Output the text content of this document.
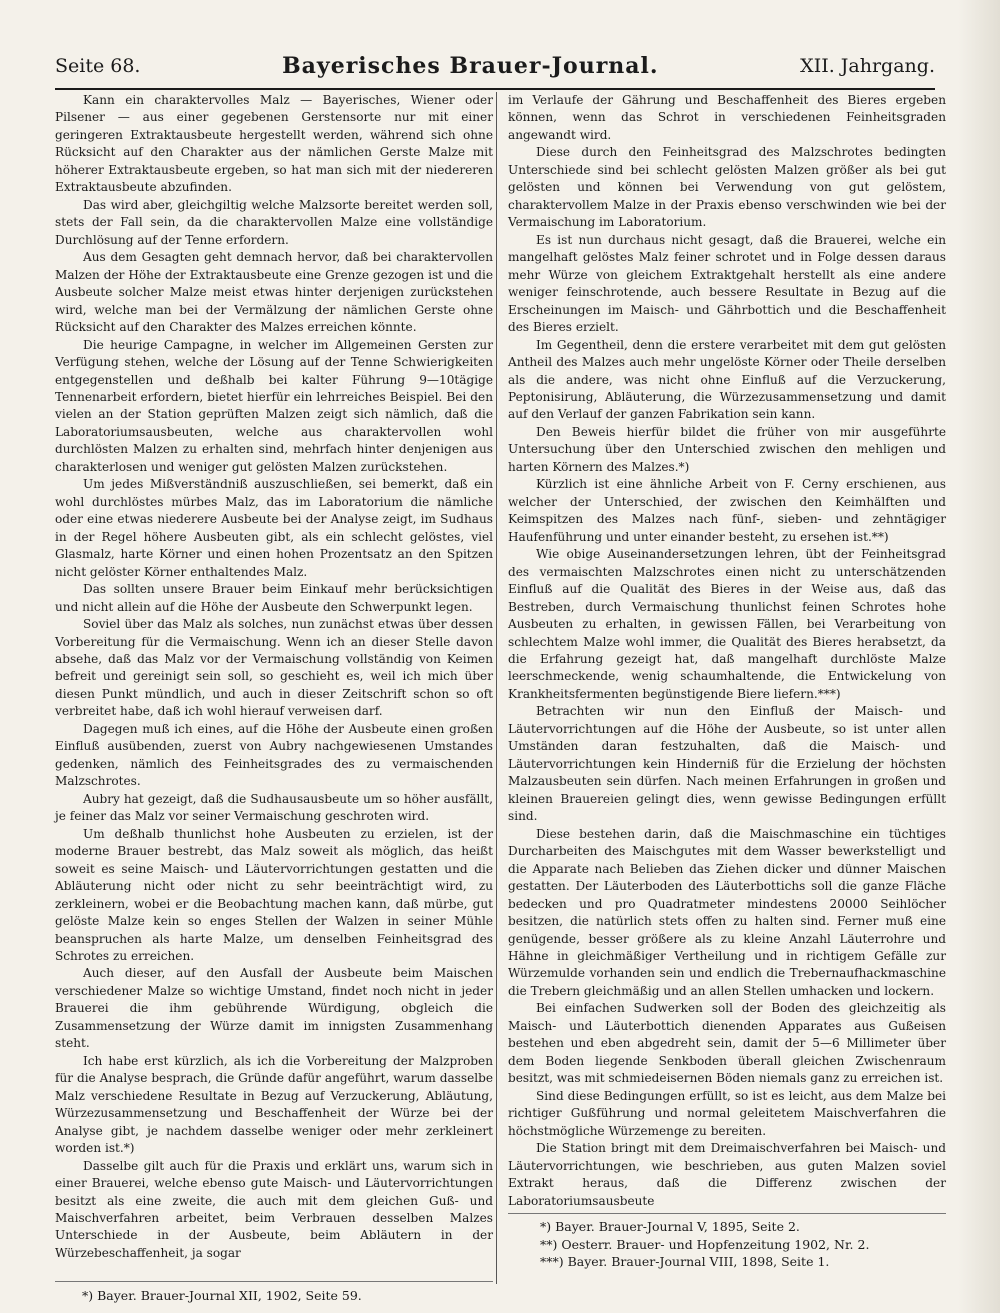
Seite 68.	Bayerisches Brauer-Journal.	XII. Jahrgang.

Kann ein charaktervolles Malz — Bayerisches, Wiener oder Pilsener — aus einer gegebenen Gerstensorte nur mit einer geringeren Extraktausbeute hergestellt werden, während sich ohne Rücksicht auf den Charakter aus der nämlichen Gerste Malze mit höherer Extraktausbeute ergeben, so hat man sich mit der niedereren Extraktausbeute abzufinden.

Das wird aber, gleichgiltig welche Malzsorte bereitet werden soll, stets der Fall sein, da die charaktervollen Malze eine vollständige Durchlösung auf der Tenne erfordern.

Aus dem Gesagten geht demnach hervor, daß bei charaktervollen Malzen der Höhe der Extraktausbeute eine Grenze gezogen ist und die Ausbeute solcher Malze meist etwas hinter derjenigen zurückstehen wird, welche man bei der Vermälzung der nämlichen Gerste ohne Rücksicht auf den Charakter des Malzes erreichen könnte.

Die heurige Campagne, in welcher im Allgemeinen Gersten zur Verfügung stehen, welche der Lösung auf der Tenne Schwierigkeiten entgegenstellen und deßhalb bei kalter Führung 9—10tägige Tennenarbeit erfordern, bietet hierfür ein lehrreiches Beispiel. Bei den vielen an der Station geprüften Malzen zeigt sich nämlich, daß die Laboratoriumsausbeuten, welche aus charaktervollen wohl durchlösten Malzen zu erhalten sind, mehrfach hinter denjenigen aus charakterlosen und weniger gut gelösten Malzen zurückstehen.

Um jedes Mißverständniß auszuschließen, sei bemerkt, daß ein wohl durchlöstes mürbes Malz, das im Laboratorium die nämliche oder eine etwas niederere Ausbeute bei der Analyse zeigt, im Sudhaus in der Regel höhere Ausbeuten gibt, als ein schlecht gelöstes, viel Glasmalz, harte Körner und einen hohen Prozentsatz an den Spitzen nicht gelöster Körner enthaltendes Malz.

Das sollten unsere Brauer beim Einkauf mehr berücksichtigen und nicht allein auf die Höhe der Ausbeute den Schwerpunkt legen.

Soviel über das Malz als solches, nun zunächst etwas über dessen Vorbereitung für die Vermaischung. Wenn ich an dieser Stelle davon absehe, daß das Malz vor der Vermaischung vollständig von Keimen befreit und gereinigt sein soll, so geschieht es, weil ich mich über diesen Punkt mündlich, und auch in dieser Zeitschrift schon so oft verbreitet habe, daß ich wohl hierauf verweisen darf.

Dagegen muß ich eines, auf die Höhe der Ausbeute einen großen Einfluß ausübenden, zuerst von Aubry nachgewiesenen Umstandes gedenken, nämlich des Feinheitsgrades des zu vermaischenden Malzschrotes.

Aubry hat gezeigt, daß die Sudhausausbeute um so höher ausfällt, je feiner das Malz vor seiner Vermaischung geschroten wird.

Um deßhalb thunlichst hohe Ausbeuten zu erzielen, ist der moderne Brauer bestrebt, das Malz soweit als möglich, das heißt soweit es seine Maisch- und Läutervorrichtungen gestatten und die Abläuterung nicht oder nicht zu sehr beeinträchtigt wird, zu zerkleinern, wobei er die Beobachtung machen kann, daß mürbe, gut gelöste Malze kein so enges Stellen der Walzen in seiner Mühle beanspruchen als harte Malze, um denselben Feinheitsgrad des Schrotes zu erreichen.

Auch dieser, auf den Ausfall der Ausbeute beim Maischen verschiedener Malze so wichtige Umstand, findet noch nicht in jeder Brauerei die ihm gebührende Würdigung, obgleich die Zusammensetzung der Würze damit im innigsten Zusammenhang steht.

Ich habe erst kürzlich, als ich die Vorbereitung der Malzproben für die Analyse besprach, die Gründe dafür angeführt, warum dasselbe Malz verschiedene Resultate in Bezug auf Verzuckerung, Abläutung, Würzezusammensetzung und Beschaffenheit der Würze bei der Analyse gibt, je nachdem dasselbe weniger oder mehr zerkleinert worden ist.*)

Dasselbe gilt auch für die Praxis und erklärt uns, warum sich in einer Brauerei, welche ebenso gute Maisch- und Läutervorrichtungen besitzt als eine zweite, die auch mit dem gleichen Guß- und Maischverfahren arbeitet, beim Verbrauen desselben Malzes Unterschiede in der Ausbeute, beim Abläutern in der Würzebeschaffenheit, ja sogar

im Verlaufe der Gährung und Beschaffenheit des Bieres ergeben können, wenn das Schrot in verschiedenen Feinheitsgraden angewandt wird.

Diese durch den Feinheitsgrad des Malzschrotes bedingten Unterschiede sind bei schlecht gelösten Malzen größer als bei gut gelösten und können bei Verwendung von gut gelöstem, charaktervollem Malze in der Praxis ebenso verschwinden wie bei der Vermaischung im Laboratorium.

Es ist nun durchaus nicht gesagt, daß die Brauerei, welche ein mangelhaft gelöstes Malz feiner schrotet und in Folge dessen daraus mehr Würze von gleichem Extraktgehalt herstellt als eine andere weniger feinschrotende, auch bessere Resultate in Bezug auf die Erscheinungen im Maisch- und Gährbottich und die Beschaffenheit des Bieres erzielt.

Im Gegentheil, denn die erstere verarbeitet mit dem gut gelösten Antheil des Malzes auch mehr ungelöste Körner oder Theile derselben als die andere, was nicht ohne Einfluß auf die Verzuckerung, Peptonisirung, Abläuterung, die Würzezusammensetzung und damit auf den Verlauf der ganzen Fabrikation sein kann.

Den Beweis hierfür bildet die früher von mir ausgeführte Untersuchung über den Unterschied zwischen den mehligen und harten Körnern des Malzes.*)

Kürzlich ist eine ähnliche Arbeit von F. Cerny erschienen, aus welcher der Unterschied, der zwischen den Keimhälften und Keimspitzen des Malzes nach fünf-, sieben- und zehntägiger Haufenführung und unter einander besteht, zu ersehen ist.**)

Wie obige Auseinandersetzungen lehren, übt der Feinheitsgrad des vermaischten Malzschrotes einen nicht zu unterschätzenden Einfluß auf die Qualität des Bieres in der Weise aus, daß das Bestreben, durch Vermaischung thunlichst feinen Schrotes hohe Ausbeuten zu erhalten, in gewissen Fällen, bei Verarbeitung von schlechtem Malze wohl immer, die Qualität des Bieres herabsetzt, da die Erfahrung gezeigt hat, daß mangelhaft durchlöste Malze leerschmeckende, wenig schaumhaltende, die Entwickelung von Krankheitsfermenten begünstigende Biere liefern.***)

Betrachten wir nun den Einfluß der Maisch- und Läutervorrichtungen auf die Höhe der Ausbeute, so ist unter allen Umständen daran festzuhalten, daß die Maisch- und Läutervorrichtungen kein Hinderniß für die Erzielung der höchsten Malzausbeuten sein dürfen. Nach meinen Erfahrungen in großen und kleinen Brauereien gelingt dies, wenn gewisse Bedingungen erfüllt sind.

Diese bestehen darin, daß die Maischmaschine ein tüchtiges Durcharbeiten des Maischgutes mit dem Wasser bewerkstelligt und die Apparate nach Belieben das Ziehen dicker und dünner Maischen gestatten. Der Läuterboden des Läuterbottichs soll die ganze Fläche bedecken und pro Quadratmeter mindestens 20000 Seihlöcher besitzen, die natürlich stets offen zu halten sind. Ferner muß eine genügende, besser größere als zu kleine Anzahl Läuterrohre und Hähne in gleichmäßiger Vertheilung und in richtigem Gefälle zur Würzemulde vorhanden sein und endlich die Trebernaufhackmaschine die Trebern gleichmäßig und an allen Stellen umhacken und lockern.

Bei einfachen Sudwerken soll der Boden des gleichzeitig als Maisch- und Läuterbottich dienenden Apparates aus Gußeisen bestehen und eben abgedreht sein, damit der 5—6 Millimeter über dem Boden liegende Senkboden überall gleichen Zwischenraum besitzt, was mit schmiedeisernen Böden niemals ganz zu erreichen ist.

Sind diese Bedingungen erfüllt, so ist es leicht, aus dem Malze bei richtiger Gußführung und normal geleitetem Maischverfahren die höchstmögliche Würzemenge zu bereiten.

Die Station bringt mit dem Dreimaischverfahren bei Maisch- und Läutervorrichtungen, wie beschrieben, aus guten Malzen soviel Extrakt heraus, daß die Differenz zwischen der Laboratoriumsausbeute

*) Bayer. Brauer-Journal V, 1895, Seite 2.
**) Oesterr. Brauer- und Hopfenzeitung 1902, Nr. 2.
***) Bayer. Brauer-Journal VIII, 1898, Seite 1.
*) Bayer. Brauer-Journal XII, 1902, Seite 59.
